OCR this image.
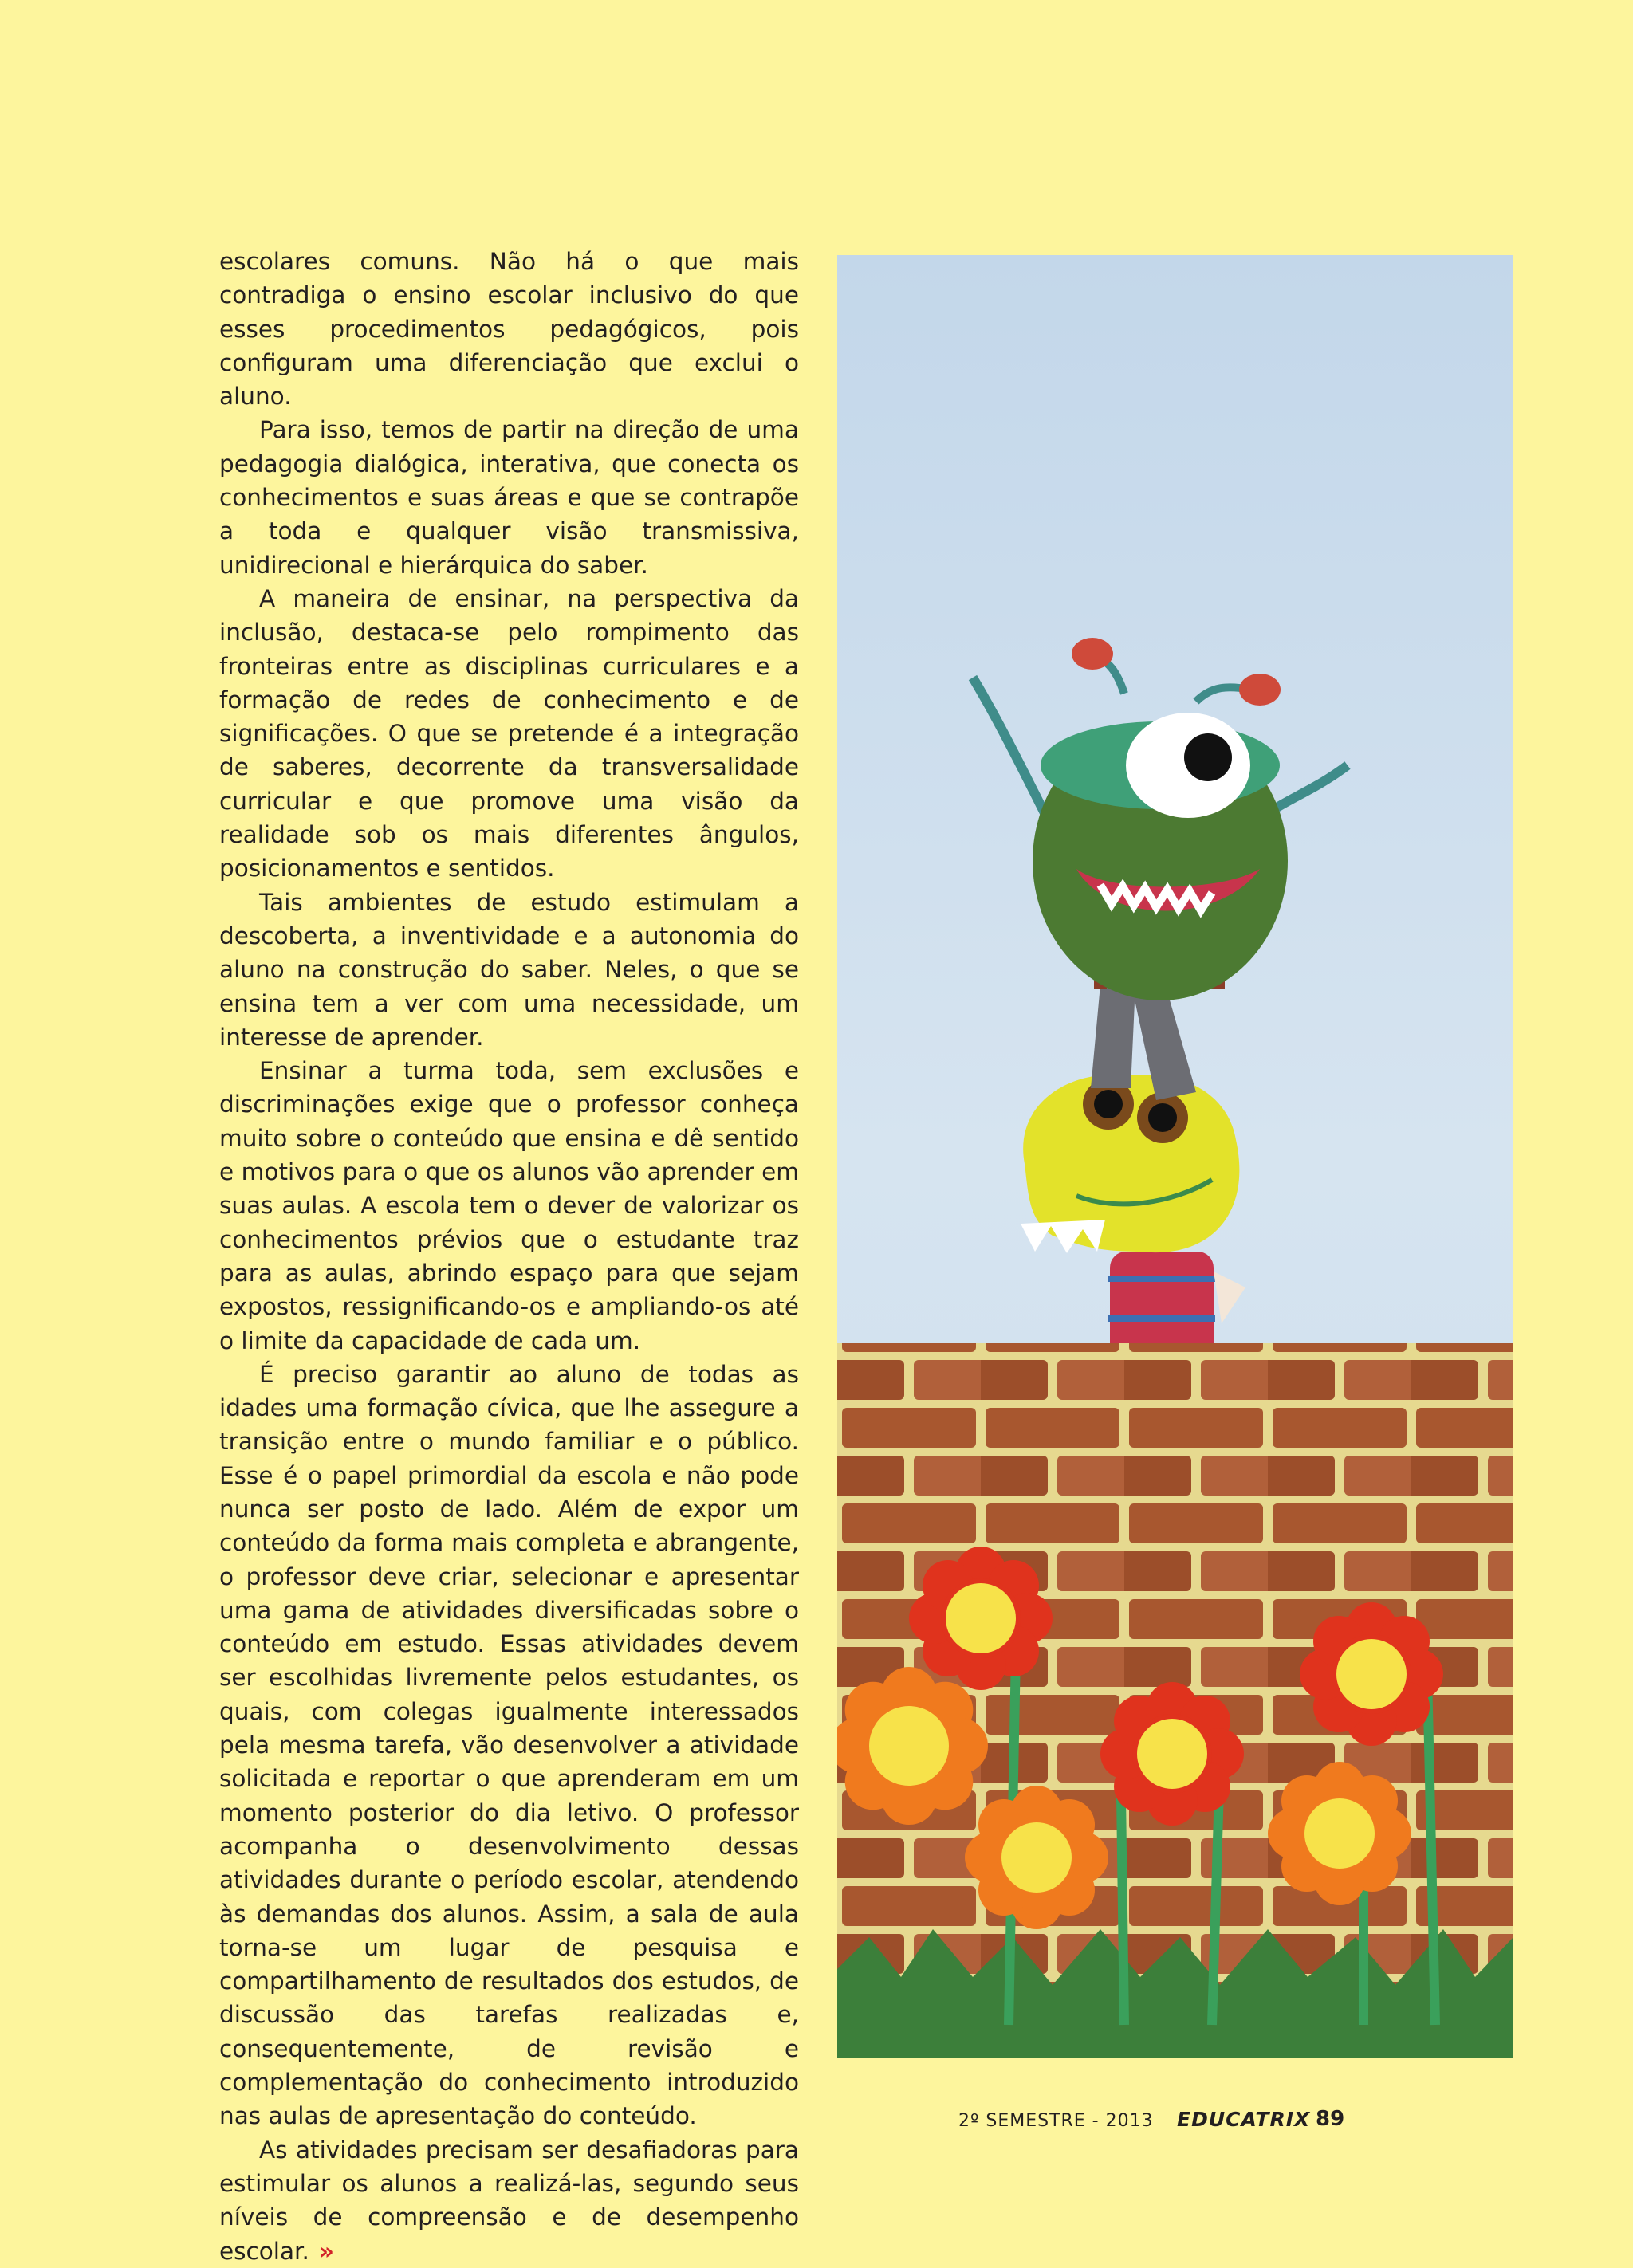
escolares comuns. Não há o que mais contradiga o ensino escolar inclusivo do que esses procedimentos pedagógicos, pois configuram uma diferenciação que exclui o aluno.

Para isso, temos de partir na direção de uma pedagogia dialógica, interativa, que conecta os conhecimentos e suas áreas e que se contrapõe a toda e qualquer visão transmissiva, unidirecional e hierárquica do saber.

A maneira de ensinar, na perspectiva da inclusão, destaca-se pelo rompimento das fronteiras entre as disciplinas curriculares e a formação de redes de conhecimento e de significações. O que se pretende é a integração de saberes, decorrente da transversalidade curricular e que promove uma visão da realidade sob os mais diferentes ângulos, posicionamentos e sentidos.

Tais ambientes de estudo estimulam a descoberta, a inventividade e a autonomia do aluno na construção do saber. Neles, o que se ensina tem a ver com uma necessidade, um interesse de aprender.

Ensinar a turma toda, sem exclusões e discriminações exige que o professor conheça muito sobre o conteúdo que ensina e dê sentido e motivos para o que os alunos vão aprender em suas aulas. A escola tem o dever de valorizar os conhecimentos prévios que o estudante traz para as aulas, abrindo espaço para que sejam expostos, ressignificando-os e ampliando-os até o limite da capacidade de cada um.

É preciso garantir ao aluno de todas as idades uma formação cívica, que lhe assegure a transição entre o mundo familiar e o público. Esse é o papel primordial da escola e não pode nunca ser posto de lado. Além de expor um conteúdo da forma mais completa e abrangente, o professor deve criar, selecionar e apresentar uma gama de atividades diversificadas sobre o conteúdo em estudo. Essas atividades devem ser escolhidas livremente pelos estudantes, os quais, com colegas igualmente interessados pela mesma tarefa, vão desenvolver a atividade solicitada e reportar o que aprenderam em um momento posterior do dia letivo. O professor acompanha o desenvolvimento dessas atividades durante o período escolar, atendendo às demandas dos alunos. Assim, a sala de aula torna-se um lugar de pesquisa e compartilhamento de resultados dos estudos, de discussão das tarefas realizadas e, consequentemente, de revisão e complementação do conhecimento introduzido nas aulas de apresentação do conteúdo.

As atividades precisam ser desafiadoras para estimular os alunos a realizá-las, segundo seus níveis de compreensão e de desempenho escolar. »

2º SEMESTRE - 2013 EDUCATRIX 89
